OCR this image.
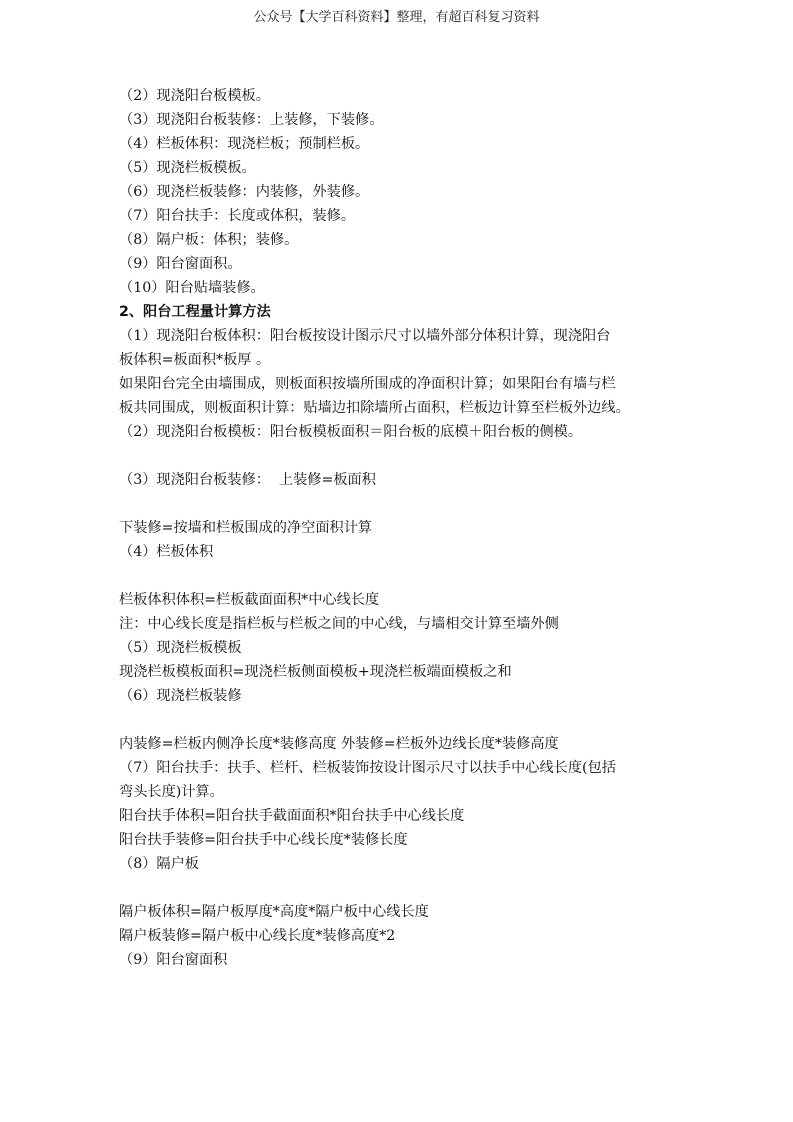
公众号【大学百科资料】整理，有超百科复习资料
（2）现浇阳台板模板。
（3）现浇阳台板装修：上装修，下装修。
（4）栏板体积：现浇栏板；预制栏板。
（5）现浇栏板模板。
（6）现浇栏板装修：内装修，外装修。
（7）阳台扶手：长度或体积，装修。
（8）隔户板：体积；装修。
（9）阳台窗面积。
（10）阳台贴墙装修。
2、阳台工程量计算方法
（1）现浇阳台板体积：阳台板按设计图示尺寸以墙外部分体积计算，现浇阳台
板体积=板面积*板厚 。
如果阳台完全由墙围成，则板面积按墙所围成的净面积计算；如果阳台有墙与栏
板共同围成，则板面积计算：贴墙边扣除墙所占面积，栏板边计算至栏板外边线。
（2）现浇阳台板模板：阳台板模板面积＝阳台板的底模＋阳台板的侧模。
（3）现浇阳台板装修：  上装修=板面积
下装修=按墙和栏板围成的净空面积计算
（4）栏板体积
栏板体积体积=栏板截面面积*中心线长度
注：中心线长度是指栏板与栏板之间的中心线，与墙相交计算至墙外侧
（5）现浇栏板模板
现浇栏板模板面积=现浇栏板侧面模板+现浇栏板端面模板之和
（6）现浇栏板装修
内装修=栏板内侧净长度*装修高度 外装修=栏板外边线长度*装修高度
（7）阳台扶手：扶手、栏杆、栏板装饰按设计图示尺寸以扶手中心线长度(包括
弯头长度)计算。
阳台扶手体积=阳台扶手截面面积*阳台扶手中心线长度
阳台扶手装修=阳台扶手中心线长度*装修长度
（8）隔户板
隔户板体积=隔户板厚度*高度*隔户板中心线长度
隔户板装修=隔户板中心线长度*装修高度*2
（9）阳台窗面积
